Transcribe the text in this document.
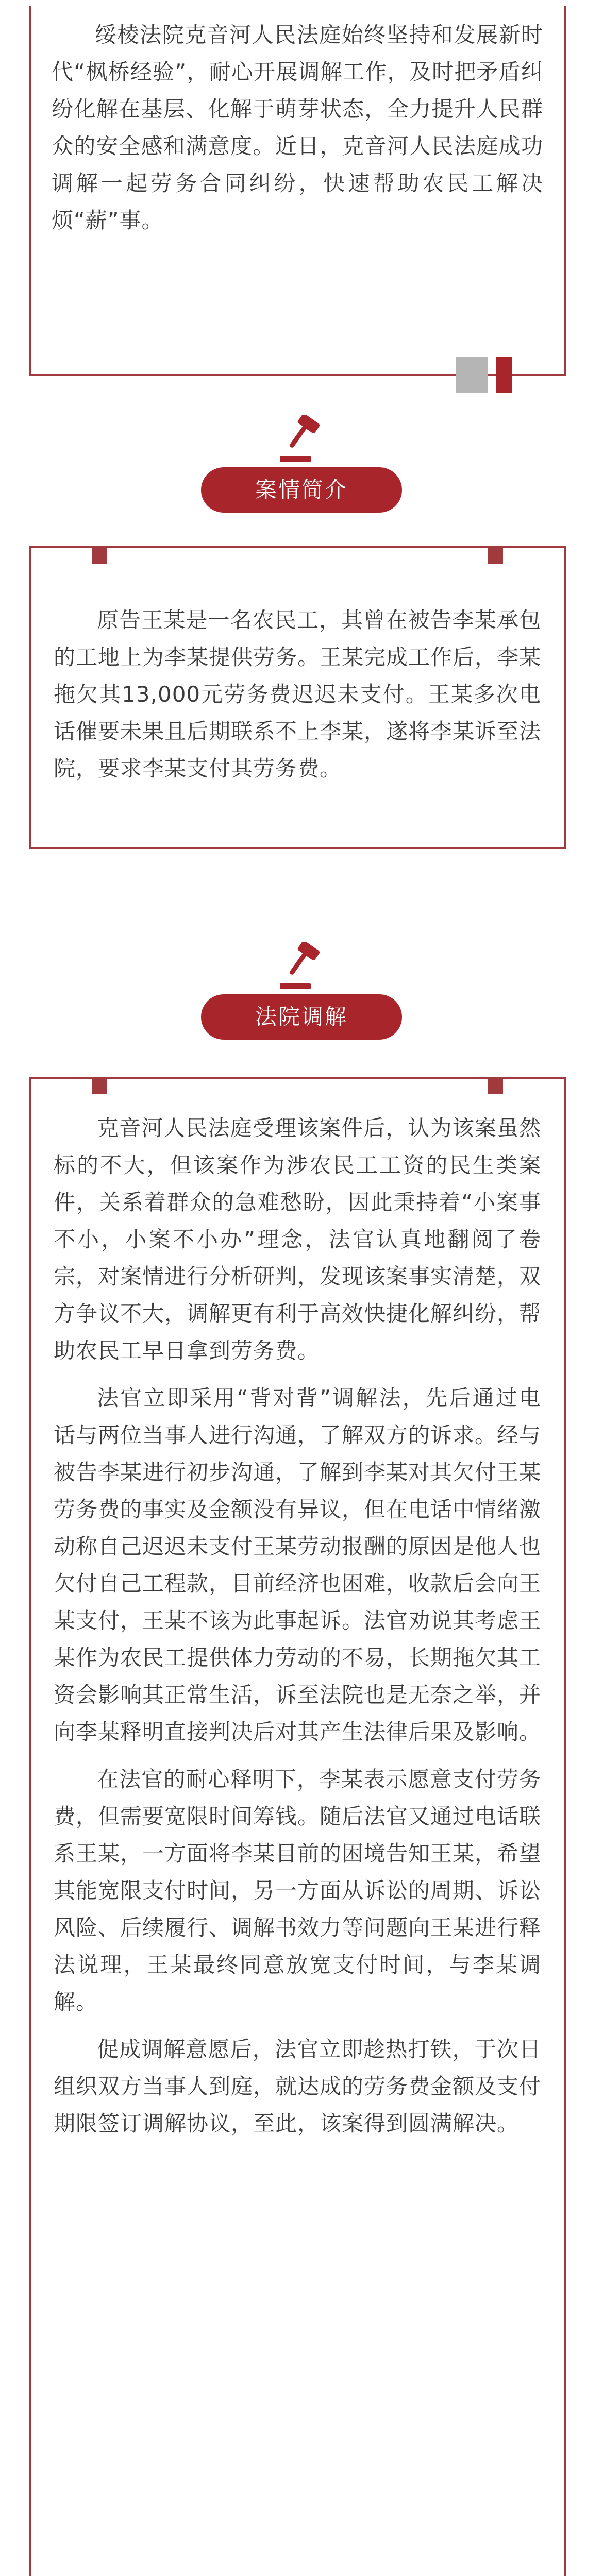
绥棱法院克音河人民法庭始终坚持和发展新时代“枫桥经验”，耐心开展调解工作，及时把矛盾纠纷化解在基层、化解于萌芽状态，全力提升人民群众的安全感和满意度。近日，克音河人民法庭成功调解一起劳务合同纠纷，快速帮助农民工解决烦“薪”事。

案情简介

原告王某是一名农民工，其曾在被告李某承包的工地上为李某提供劳务。王某完成工作后，李某拖欠其13,000元劳务费迟迟未支付。王某多次电话催要未果且后期联系不上李某，遂将李某诉至法院，要求李某支付其劳务费。

法院调解

克音河人民法庭受理该案件后，认为该案虽然标的不大，但该案作为涉农民工工资的民生类案件，关系着群众的急难愁盼，因此秉持着“小案事不小，小案不小办”理念，法官认真地翻阅了卷宗，对案情进行分析研判，发现该案事实清楚，双方争议不大，调解更有利于高效快捷化解纠纷，帮助农民工早日拿到劳务费。

法官立即采用“背对背”调解法，先后通过电话与两位当事人进行沟通，了解双方的诉求。经与被告李某进行初步沟通，了解到李某对其欠付王某劳务费的事实及金额没有异议，但在电话中情绪激动称自己迟迟未支付王某劳动报酬的原因是他人也欠付自己工程款，目前经济也困难，收款后会向王某支付，王某不该为此事起诉。法官劝说其考虑王某作为农民工提供体力劳动的不易，长期拖欠其工资会影响其正常生活，诉至法院也是无奈之举，并向李某释明直接判决后对其产生法律后果及影响。

在法官的耐心释明下，李某表示愿意支付劳务费，但需要宽限时间筹钱。随后法官又通过电话联系王某，一方面将李某目前的困境告知王某，希望其能宽限支付时间，另一方面从诉讼的周期、诉讼风险、后续履行、调解书效力等问题向王某进行释法说理，王某最终同意放宽支付时间，与李某调解。

促成调解意愿后，法官立即趁热打铁，于次日组织双方当事人到庭，就达成的劳务费金额及支付期限签订调解协议，至此，该案得到圆满解决。
